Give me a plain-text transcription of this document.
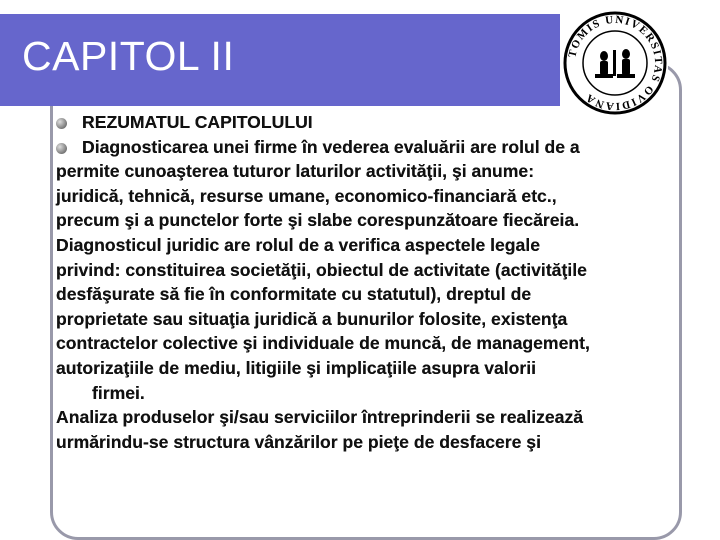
CAPITOL II	TOMIS UNIVERSITAS OVIDIANA
REZUMATUL CAPITOLULUI
Diagnosticarea unei firme în vederea evaluării are rolul de a
permite cunoaşterea tuturor laturilor activităţii, şi anume:
juridică, tehnică, resurse umane, economico-financiară etc.,
precum şi a punctelor forte şi slabe corespunzătoare fiecăreia.
Diagnosticul juridic are rolul de a verifica aspectele legale
privind: constituirea societăţii, obiectul de activitate (activităţile
desfăşurate să fie în conformitate cu statutul), dreptul de
proprietate sau situaţia juridică a bunurilor folosite, existenţa
contractelor colective şi individuale de muncă, de management,
autorizaţiile de mediu, litigiile şi implicaţiile asupra valorii
firmei.
Analiza produselor şi/sau serviciilor întreprinderii se realizează
urmărindu-se structura vânzărilor pe pieţe de desfacere şi
